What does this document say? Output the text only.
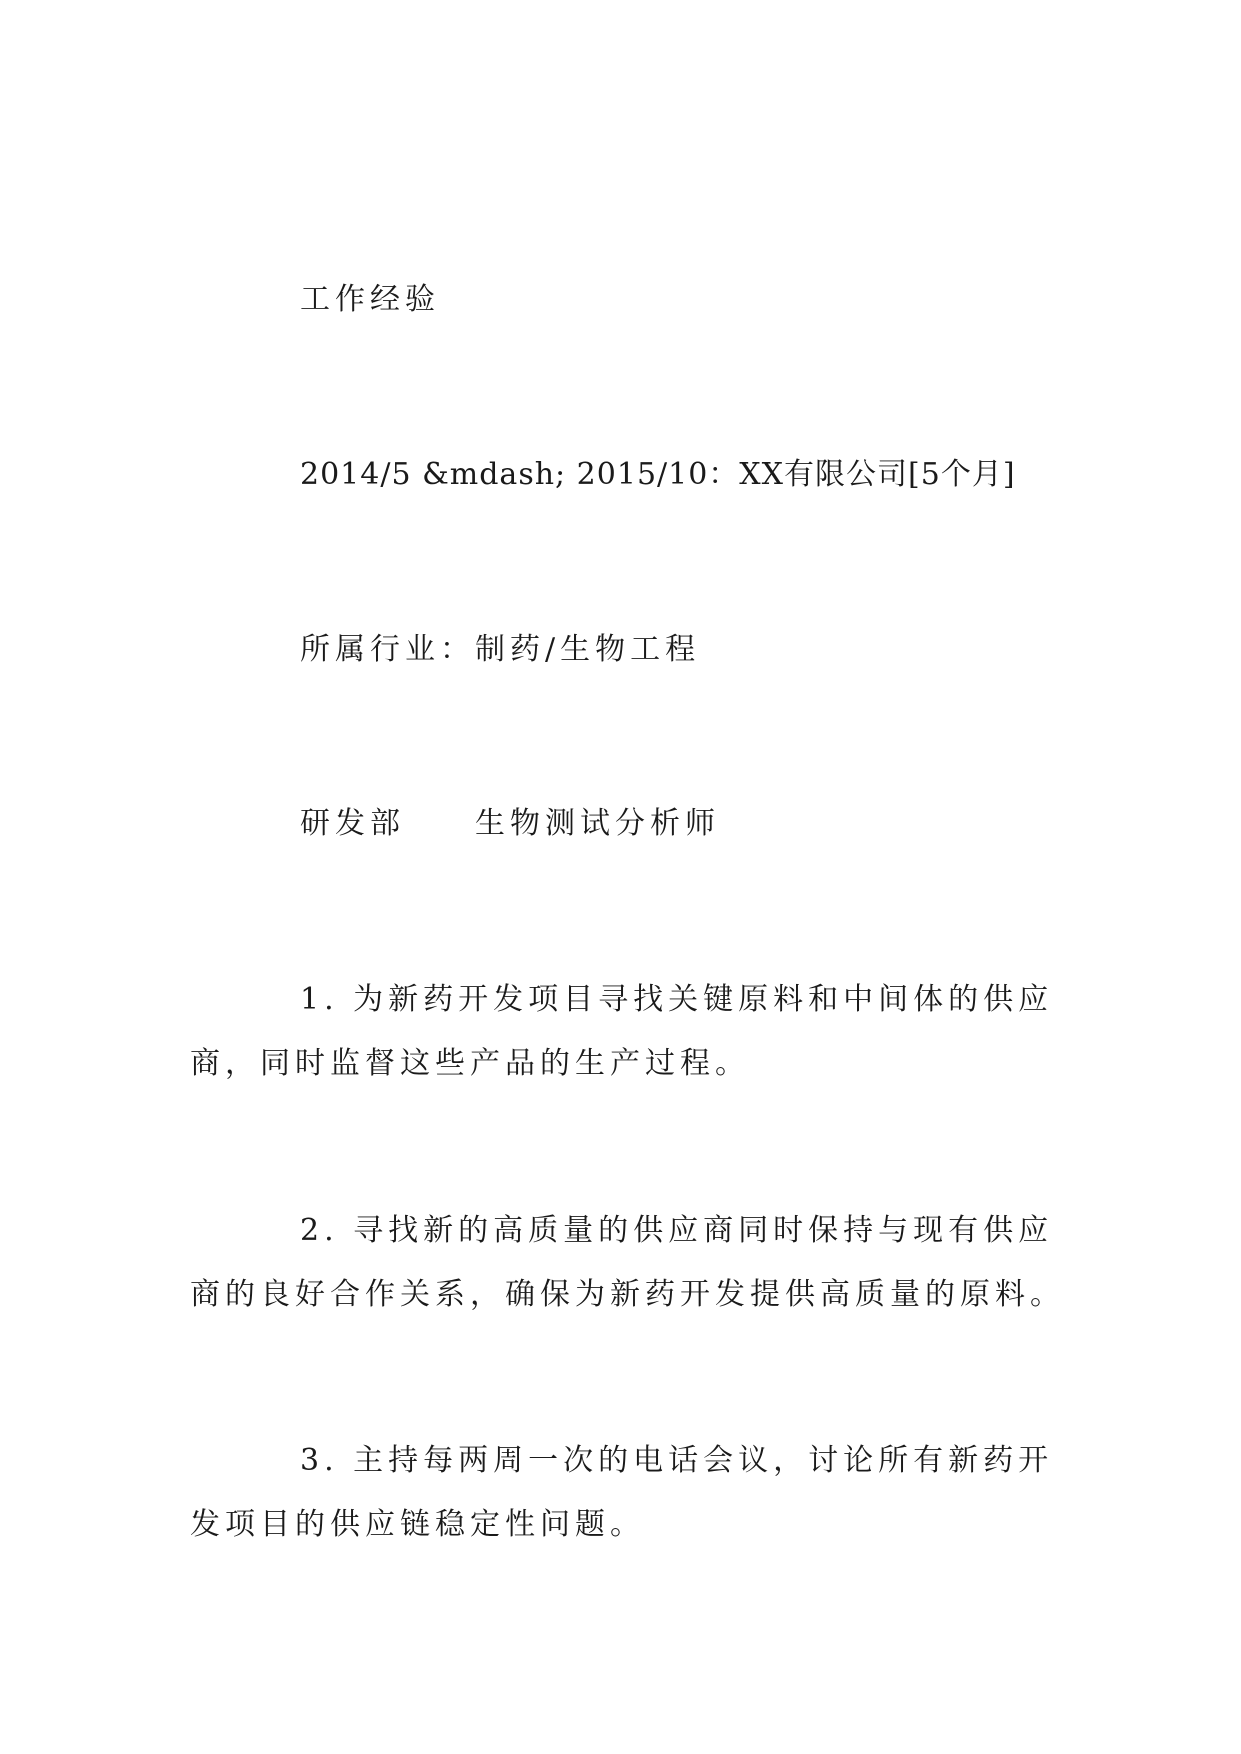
工作经验

2014/5 &mdash; 2015/10：XX有限公司[5个月]

所属行业：制药/生物工程

研发部 生物测试分析师

1. 为新药开发项目寻找关键原料和中间体的供应商，同时监督这些产品的生产过程。

2. 寻找新的高质量的供应商同时保持与现有供应商的良好合作关系，确保为新药开发提供高质量的原料。

3. 主持每两周一次的电话会议，讨论所有新药开发项目的供应链稳定性问题。
